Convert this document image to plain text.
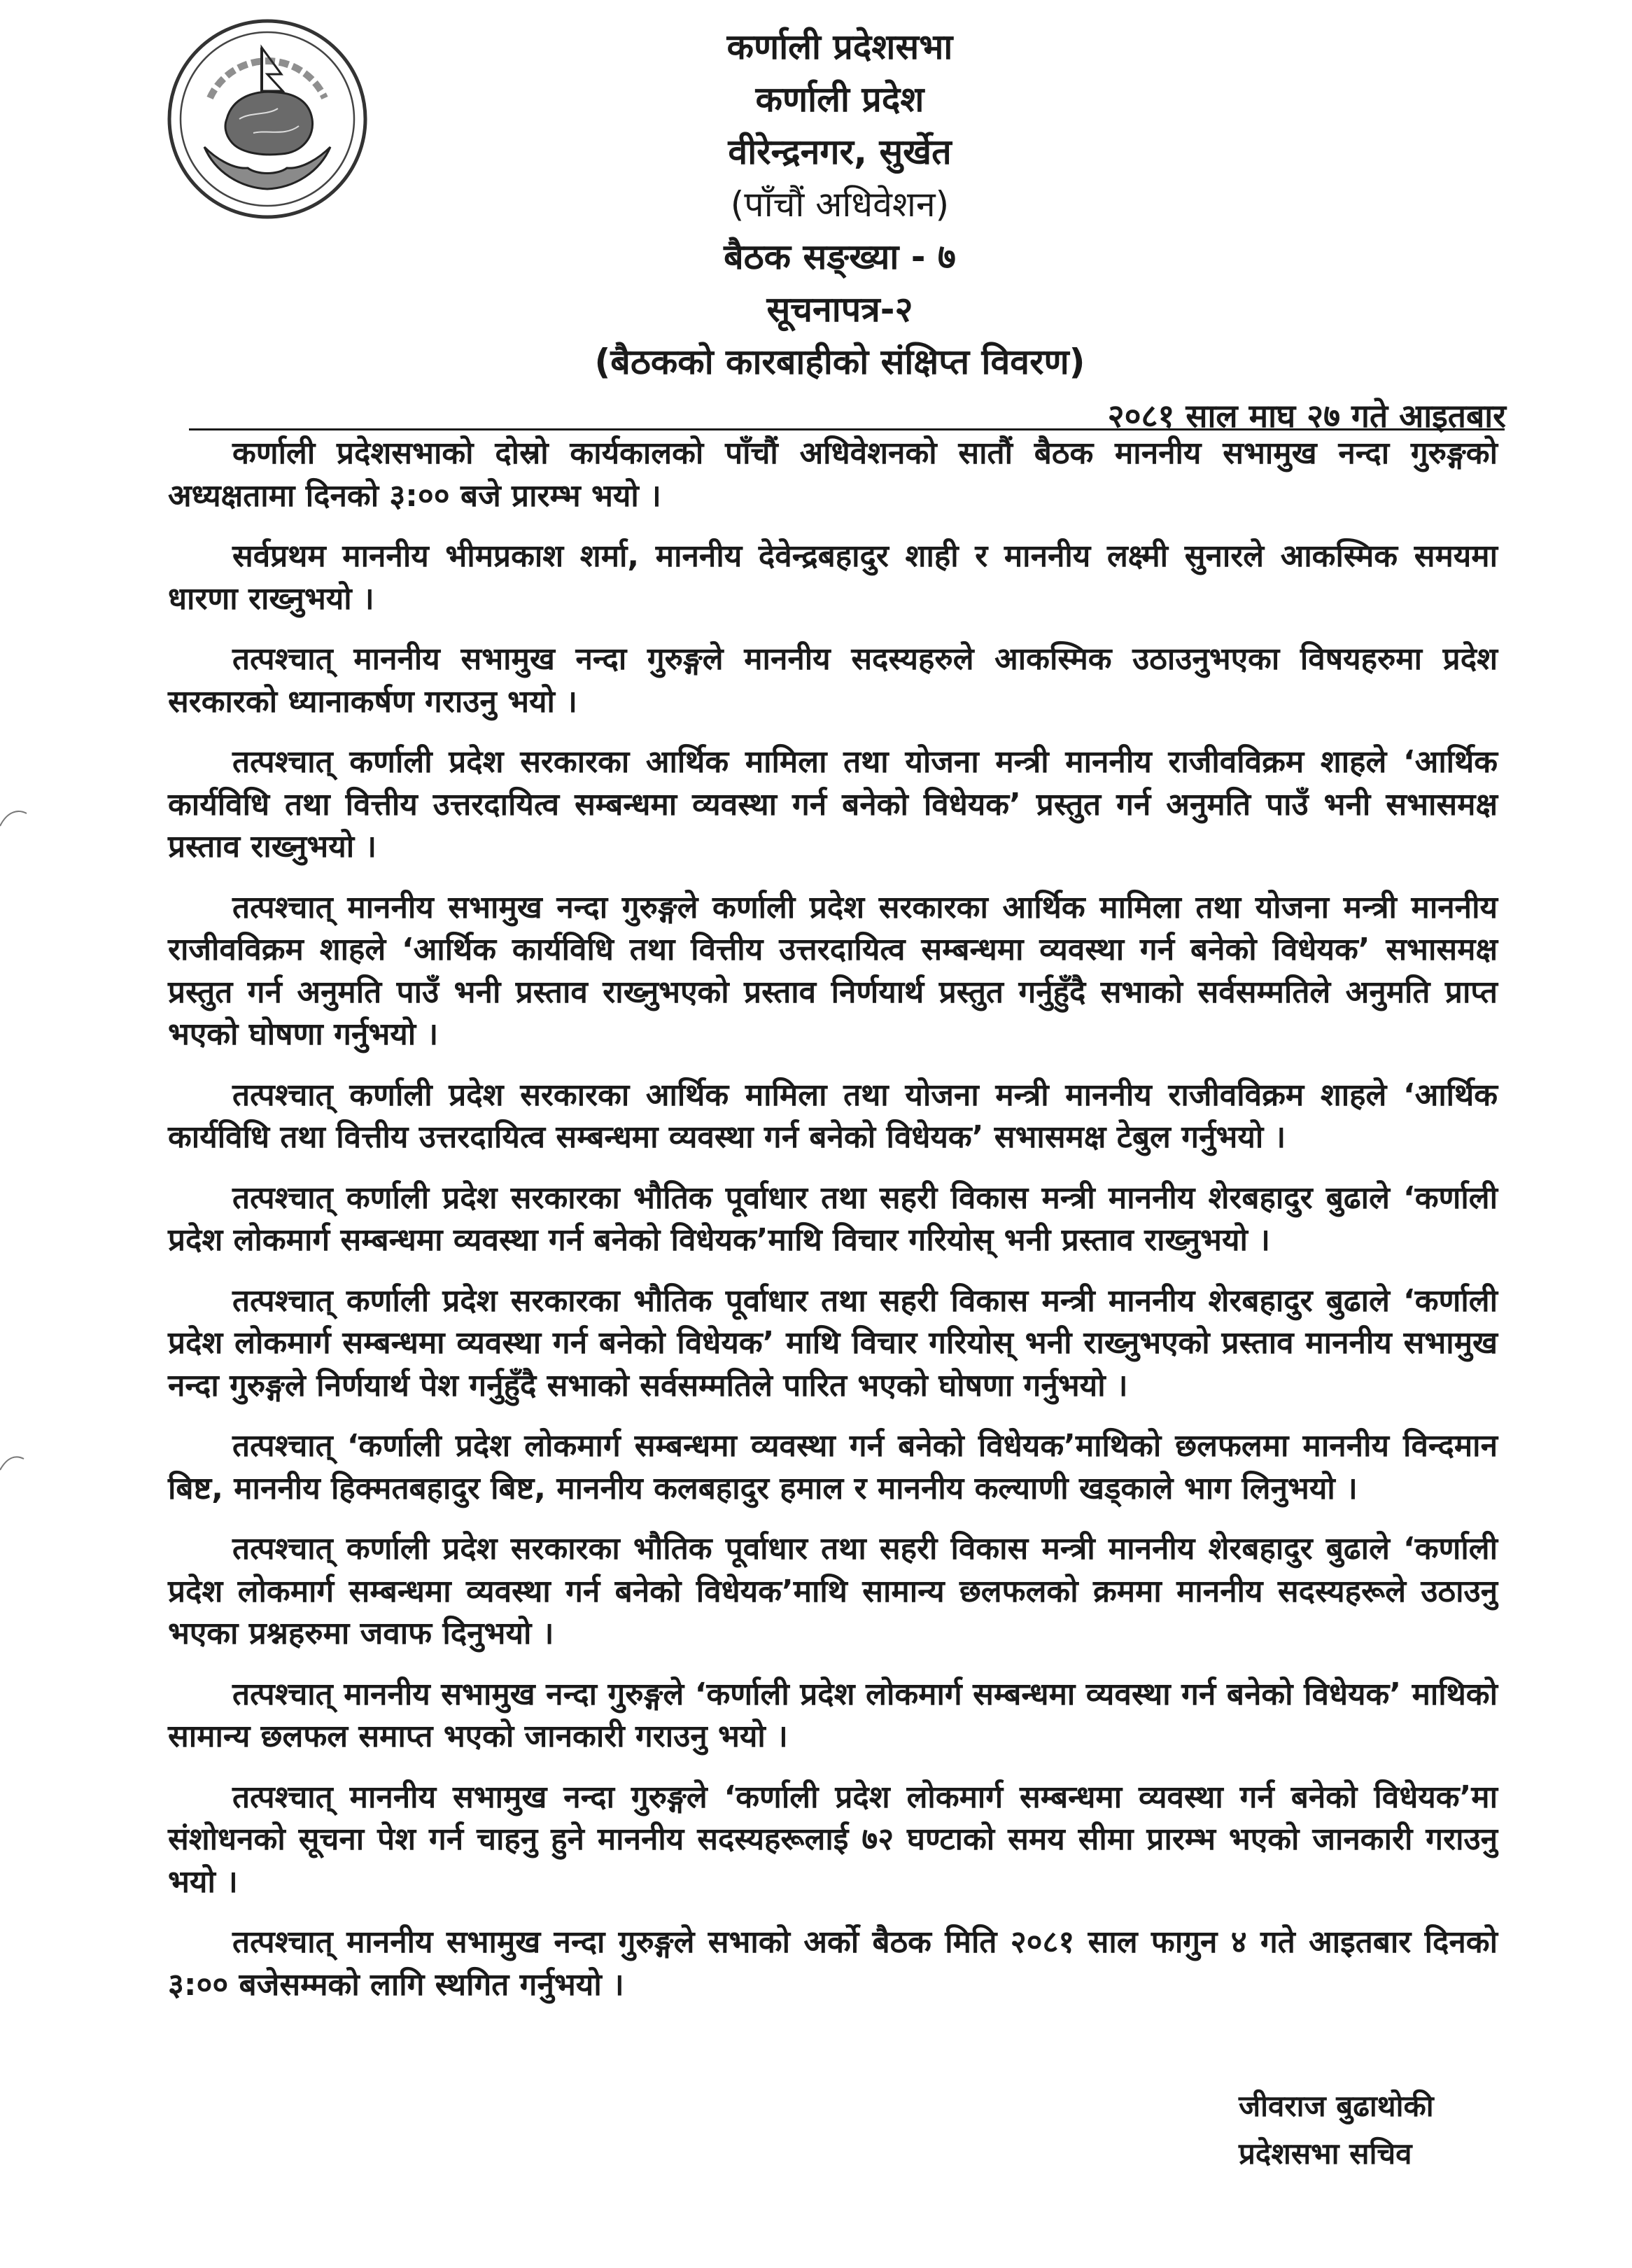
कर्णाली प्रदेशसभा
कर्णाली प्रदेश
वीरेन्द्रनगर, सुर्खेत
(पाँचौं अधिवेशन)
बैठक सङ्ख्या - ७
सूचनापत्र-२
(बैठकको कारबाहीको संक्षिप्त विवरण)
२०८१ साल माघ २७ गते आइतबार

कर्णाली प्रदेशसभाको दोस्रो कार्यकालको पाँचौं अधिवेशनको सातौं बैठक माननीय सभामुख नन्दा गुरुङ्गको अध्यक्षतामा दिनको ३:०० बजे प्रारम्भ भयो ।

सर्वप्रथम माननीय भीमप्रकाश शर्मा, माननीय देवेन्द्रबहादुर शाही र माननीय लक्ष्मी सुनारले आकस्मिक समयमा धारणा राख्नुभयो ।

तत्पश्चात् माननीय सभामुख नन्दा गुरुङ्गले माननीय सदस्यहरुले आकस्मिक उठाउनुभएका विषयहरुमा प्रदेश सरकारको ध्यानाकर्षण गराउनु भयो ।

तत्पश्चात् कर्णाली प्रदेश सरकारका आर्थिक मामिला तथा योजना मन्त्री माननीय राजीवविक्रम शाहले ‘आर्थिक कार्यविधि तथा वित्तीय उत्तरदायित्व सम्बन्धमा व्यवस्था गर्न बनेको विधेयक’ प्रस्तुत गर्न अनुमति पाउँ भनी सभासमक्ष प्रस्ताव राख्नुभयो ।

तत्पश्चात् माननीय सभामुख नन्दा गुरुङ्गले कर्णाली प्रदेश सरकारका आर्थिक मामिला तथा योजना मन्त्री माननीय राजीवविक्रम शाहले ‘आर्थिक कार्यविधि तथा वित्तीय उत्तरदायित्व सम्बन्धमा व्यवस्था गर्न बनेको विधेयक’ सभासमक्ष प्रस्तुत गर्न अनुमति पाउँ भनी प्रस्ताव राख्नुभएको प्रस्ताव निर्णयार्थ प्रस्तुत गर्नुहुँदै सभाको सर्वसम्मतिले अनुमति प्राप्त भएको घोषणा गर्नुभयो ।

तत्पश्चात् कर्णाली प्रदेश सरकारका आर्थिक मामिला तथा योजना मन्त्री माननीय राजीवविक्रम शाहले ‘आर्थिक कार्यविधि तथा वित्तीय उत्तरदायित्व सम्बन्धमा व्यवस्था गर्न बनेको विधेयक’ सभासमक्ष टेबुल गर्नुभयो ।

तत्पश्चात् कर्णाली प्रदेश सरकारका भौतिक पूर्वाधार तथा सहरी विकास मन्त्री माननीय शेरबहादुर बुढाले ‘कर्णाली प्रदेश लोकमार्ग सम्बन्धमा व्यवस्था गर्न बनेको विधेयक’माथि विचार गरियोस् भनी प्रस्ताव राख्नुभयो ।

तत्पश्चात् कर्णाली प्रदेश सरकारका भौतिक पूर्वाधार तथा सहरी विकास मन्त्री माननीय शेरबहादुर बुढाले ‘कर्णाली प्रदेश लोकमार्ग सम्बन्धमा व्यवस्था गर्न बनेको विधेयक’ माथि विचार गरियोस् भनी राख्नुभएको प्रस्ताव माननीय सभामुख नन्दा गुरुङ्गले निर्णयार्थ पेश गर्नुहुँदै सभाको सर्वसम्मतिले पारित भएको घोषणा गर्नुभयो ।

तत्पश्चात् ‘कर्णाली प्रदेश लोकमार्ग सम्बन्धमा व्यवस्था गर्न बनेको विधेयक’माथिको छलफलमा माननीय विन्दमान बिष्ट, माननीय हिक्मतबहादुर बिष्ट, माननीय कलबहादुर हमाल र माननीय कल्याणी खड्काले भाग लिनुभयो ।

तत्पश्चात् कर्णाली प्रदेश सरकारका भौतिक पूर्वाधार तथा सहरी विकास मन्त्री माननीय शेरबहादुर बुढाले ‘कर्णाली प्रदेश लोकमार्ग सम्बन्धमा व्यवस्था गर्न बनेको विधेयक’माथि सामान्य छलफलको क्रममा माननीय सदस्यहरूले उठाउनु भएका प्रश्नहरुमा जवाफ दिनुभयो ।

तत्पश्चात् माननीय सभामुख नन्दा गुरुङ्गले ‘कर्णाली प्रदेश लोकमार्ग सम्बन्धमा व्यवस्था गर्न बनेको विधेयक’ माथिको सामान्य छलफल समाप्त भएको जानकारी गराउनु भयो ।

तत्पश्चात् माननीय सभामुख नन्दा गुरुङ्गले ‘कर्णाली प्रदेश लोकमार्ग सम्बन्धमा व्यवस्था गर्न बनेको विधेयक’मा संशोधनको सूचना पेश गर्न चाहनु हुने माननीय सदस्यहरूलाई ७२ घण्टाको समय सीमा प्रारम्भ भएको जानकारी गराउनु भयो ।

तत्पश्चात् माननीय सभामुख नन्दा गुरुङ्गले सभाको अर्को बैठक मिति २०८१ साल फागुन ४ गते आइतबार दिनको ३:०० बजेसम्मको लागि स्थगित गर्नुभयो ।

जीवराज बुढाथोकी
प्रदेशसभा सचिव
